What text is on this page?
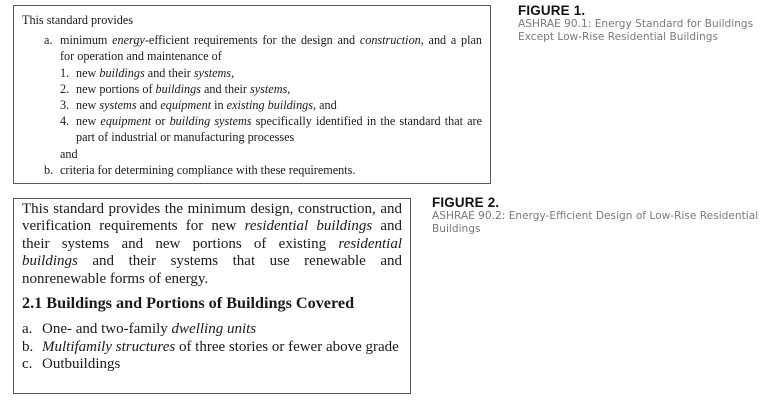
This standard provides
a. minimum energy-efficient requirements for the design and construction, and a plan for operation and maintenance of
1. new buildings and their systems,
2. new portions of buildings and their systems,
3. new systems and equipment in existing buildings, and
4. new equipment or building systems specifically identified in the standard that are part of industrial or manufacturing processes
and
b. criteria for determining compliance with these requirements.
FIGURE 1.
ASHRAE 90.1: Energy Standard for Buildings Except Low-Rise Residential Buildings

This standard provides the minimum design, construction, and verification requirements for new residential buildings and their systems and new portions of existing residential buildings and their systems that use renewable and nonrenewable forms of energy.

2.1 Buildings and Portions of Buildings Covered
a. One- and two-family dwelling units
b. Multifamily structures of three stories or fewer above grade
c. Outbuildings
FIGURE 2.
ASHRAE 90.2: Energy-Efficient Design of Low-Rise Residential Buildings
